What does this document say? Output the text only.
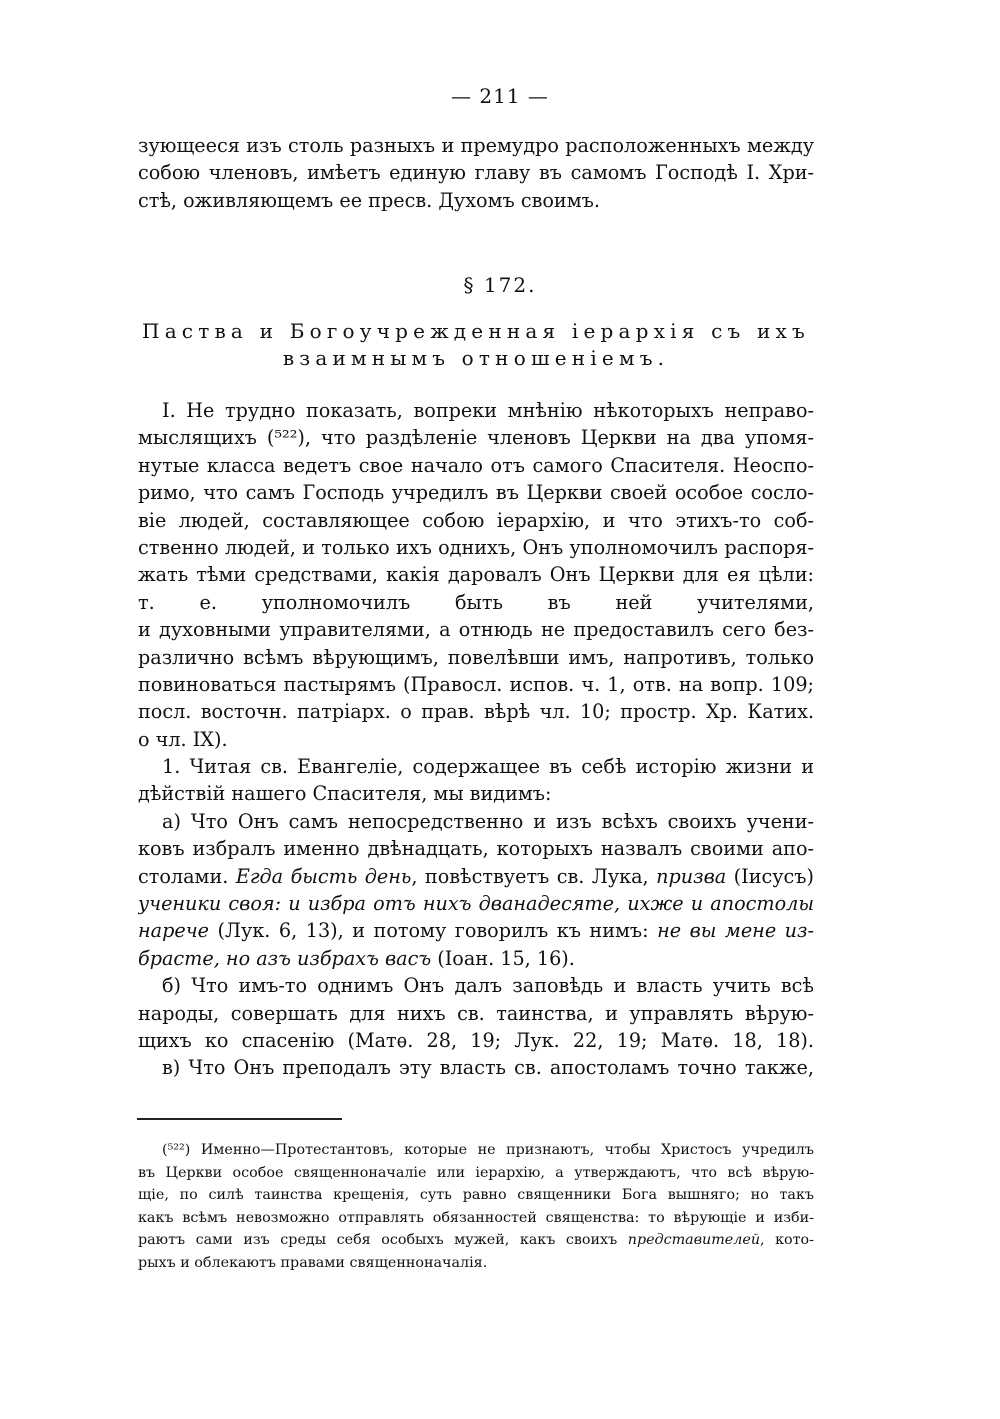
— 211 —
зующееся изъ столь разныхъ и премудро расположенныхъ между
собою членовъ, имѣетъ единую главу въ самомъ Господѣ I. Хри-
стѣ, оживляющемъ ее пресв. Духомъ своимъ.
§ 172.
Паства и Богоучрежденная іерархія съ ихъ
взаимнымъ отношеніемъ.
I. Не трудно показать, вопреки мнѣнію нѣкоторыхъ неправо-
мыслящихъ (⁵²²), что раздѣленіе членовъ Церкви на два упомя-
нутые класса ведетъ свое начало отъ самого Спасителя. Неоспо-
римо, что самъ Господь учредилъ въ Церкви своей особое сосло-
віе людей, составляющее собою іерархію, и что этихъ-то соб-
ственно людей, и только ихъ однихъ, Онъ уполномочилъ распоря-
жать тѣми средствами, какія даровалъ Онъ Церкви для ея цѣли:
т. е. уполномочилъ быть въ ней учителями,
и духовными управителями, а отнюдь не предоставилъ сего без-
различно всѣмъ вѣрующимъ, повелѣвши имъ, напротивъ, только
повиноваться пастырямъ (Правосл. испов. ч. 1, отв. на вопр. 109;
посл. восточн. патріарх. о прав. вѣрѣ чл. 10; простр. Хр. Катих.
о чл. IX).
1. Читая св. Евангеліе, содержащее въ себѣ исторію жизни и
дѣйствій нашего Спасителя, мы видимъ:
а) Что Онъ самъ непосредственно и изъ всѣхъ своихъ учени-
ковъ избралъ именно двѣнадцать, которыхъ назвалъ своими апо-
столами. Егда бысть день, повѣствуетъ св. Лука, призва (Іисусъ)
ученики своя: и избра отъ нихъ дванадесяте, ихже и апостолы
нарече (Лук. 6, 13), и потому говорилъ къ нимъ: не вы мене из-
брасте, но азъ избрахъ васъ (Іоан. 15, 16).
б) Что имъ-то однимъ Онъ далъ заповѣдь и власть учить всѣ
народы, совершать для нихъ св. таинства, и управлять вѣрую-
щихъ ко спасенію (Матѳ. 28, 19; Лук. 22, 19; Матѳ. 18, 18).
в) Что Онъ преподалъ эту власть св. апостоламъ точно также,
(⁵²²) Именно—Протестантовъ, которые не признаютъ, чтобы Христосъ учредилъ
въ Церкви особое священноначаліе или іерархію, а утверждаютъ, что всѣ вѣрую-
щіе, по силѣ таинства крещенія, суть равно священники Бога вышняго; но такъ
какъ всѣмъ невозможно отправлять обязанностей священства: то вѣрующіе и изби-
раютъ сами изъ среды себя особыхъ мужей, какъ своихъ представителей, кото-
рыхъ и облекаютъ правами священноначалія.
